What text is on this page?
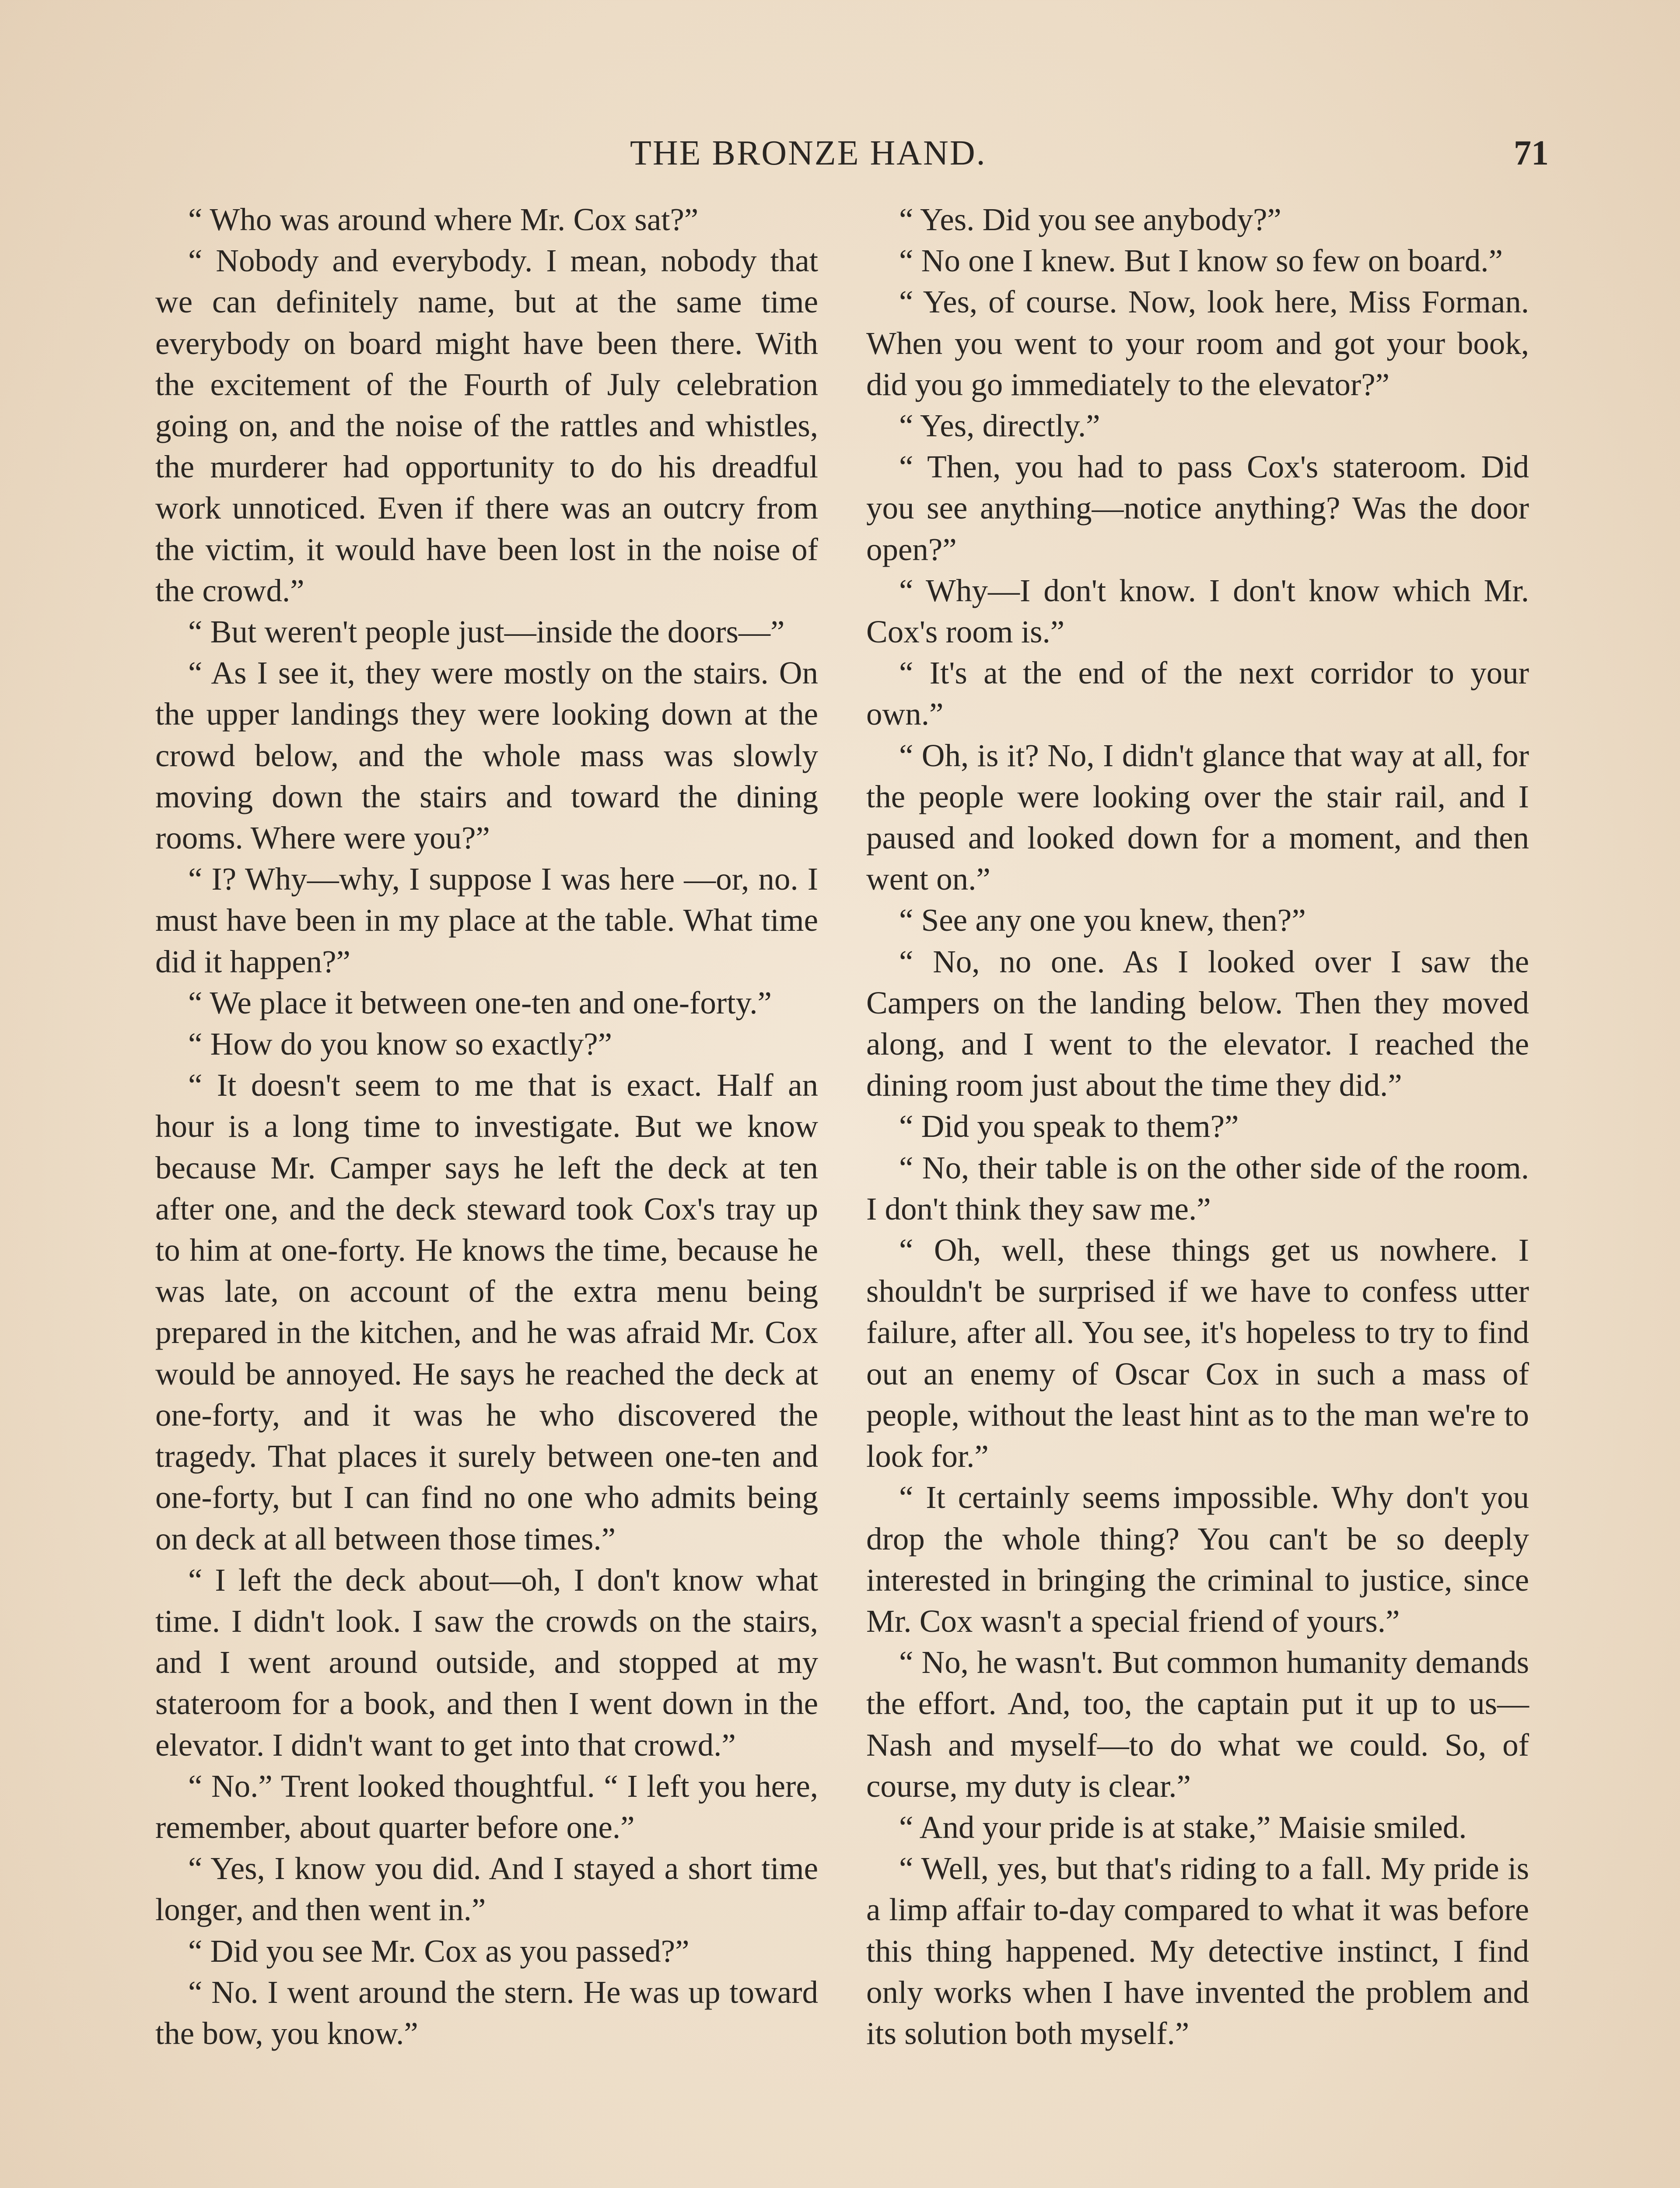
THE BRONZE HAND.	71

“ Who was around where Mr. Cox sat?”

“ Nobody and everybody. I mean, nobody that we can definitely name, but at the same time everybody on board might have been there. With the excitement of the Fourth of July celebration going on, and the noise of the rattles and whistles, the murderer had opportunity to do his dreadful work unnoticed. Even if there was an outcry from the victim, it would have been lost in the noise of the crowd.”

“ But weren't people just—inside the doors—”

“ As I see it, they were mostly on the stairs. On the upper landings they were looking down at the crowd below, and the whole mass was slowly moving down the stairs and toward the dining rooms. Where were you?”

“ I? Why—why, I suppose I was here —or, no. I must have been in my place at the table. What time did it happen?”

“ We place it between one-ten and one-forty.”

“ How do you know so exactly?”

“ It doesn't seem to me that is exact. Half an hour is a long time to investigate. But we know because Mr. Camper says he left the deck at ten after one, and the deck steward took Cox's tray up to him at one-forty. He knows the time, because he was late, on account of the extra menu being prepared in the kitchen, and he was afraid Mr. Cox would be annoyed. He says he reached the deck at one-forty, and it was he who discovered the tragedy. That places it surely between one-ten and one-forty, but I can find no one who admits being on deck at all between those times.”

“ I left the deck about—oh, I don't know what time. I didn't look. I saw the crowds on the stairs, and I went around outside, and stopped at my stateroom for a book, and then I went down in the elevator. I didn't want to get into that crowd.”

“ No.” Trent looked thoughtful. “ I left you here, remember, about quarter before one.”

“ Yes, I know you did. And I stayed a short time longer, and then went in.”

“ Did you see Mr. Cox as you passed?”

“ No. I went around the stern. He was up toward the bow, you know.”

“ Yes. Did you see anybody?”

“ No one I knew. But I know so few on board.”

“ Yes, of course. Now, look here, Miss Forman. When you went to your room and got your book, did you go immediately to the elevator?”

“ Yes, directly.”

“ Then, you had to pass Cox's stateroom. Did you see anything—notice anything? Was the door open?”

“ Why—I don't know. I don't know which Mr. Cox's room is.”

“ It's at the end of the next corridor to your own.”

“ Oh, is it? No, I didn't glance that way at all, for the people were looking over the stair rail, and I paused and looked down for a moment, and then went on.”

“ See any one you knew, then?”

“ No, no one. As I looked over I saw the Campers on the landing below. Then they moved along, and I went to the elevator. I reached the dining room just about the time they did.”

“ Did you speak to them?”

“ No, their table is on the other side of the room. I don't think they saw me.”

“ Oh, well, these things get us nowhere. I shouldn't be surprised if we have to confess utter failure, after all. You see, it's hopeless to try to find out an enemy of Oscar Cox in such a mass of people, without the least hint as to the man we're to look for.”

“ It certainly seems impossible. Why don't you drop the whole thing? You can't be so deeply interested in bringing the criminal to justice, since Mr. Cox wasn't a special friend of yours.”

“ No, he wasn't. But common humanity demands the effort. And, too, the captain put it up to us—Nash and myself—to do what we could. So, of course, my duty is clear.”

“ And your pride is at stake,” Maisie smiled.

“ Well, yes, but that's riding to a fall. My pride is a limp affair to-day compared to what it was before this thing happened. My detective instinct, I find only works when I have invented the problem and its solution both myself.”
